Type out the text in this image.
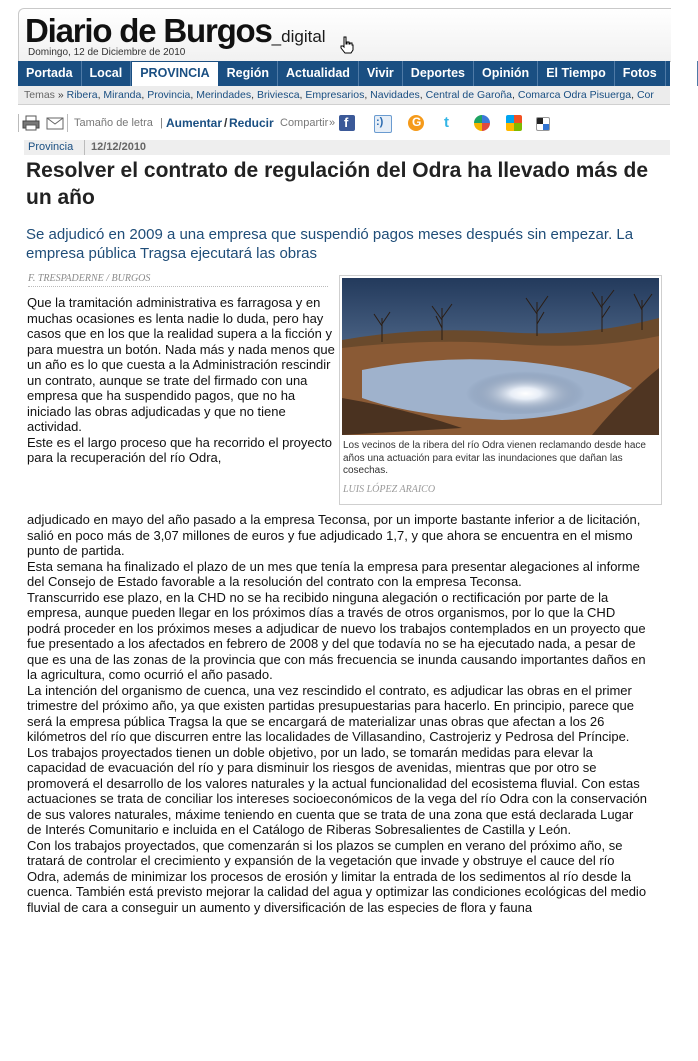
Diario de Burgos_digital
Domingo, 12 de Diciembre de 2010
Portada	Local	PROVINCIA	Región	Actualidad	Vivir	Deportes	Opinión	El Tiempo	Fotos	Es
Temas » Ribera, Miranda, Provincia, Merindades, Briviesca, Empresarios, Navidades, Central de Garoña, Comarca Odra Pisuerga, Cor
Tamaño de letra | Aumentar / Reducir Compartir » f	:) G t
Provincia	12/12/2010
Resolver el contrato de regulación del Odra ha llevado más de un año
Se adjudicó en 2009 a una empresa que suspendió pagos meses después sin empezar. La empresa pública Tragsa ejecutará las obras
F. TRESPADERNE / BURGOS
Los vecinos de la ribera del río Odra vienen reclamando desde hace años una actuación para evitar las inundaciones que dañan las cosechas.
LUIS LÓPEZ ARAICO

Que la tramitación administrativa es farragosa y en muchas ocasiones es lenta nadie lo duda, pero hay casos que en los que la realidad supera a la ficción y para muestra un botón. Nada más y nada menos que un año es lo que cuesta a la Administración rescindir un contrato, aunque se trate del firmado con una empresa que ha suspendido pagos, que no ha iniciado las obras adjudicadas y que no tiene actividad.

Este es el largo proceso que ha recorrido el proyecto para la recuperación del río Odra,

adjudicado en mayo del año pasado a la empresa Teconsa, por un importe bastante inferior a de licitación, salió en poco más de 3,07 millones de euros y fue adjudicado 1,7, y que ahora se encuentra en el mismo punto de partida.

Esta semana ha finalizado el plazo de un mes que tenía la empresa para presentar alegaciones al informe del Consejo de Estado favorable a la resolución del contrato con la empresa Teconsa.

Transcurrido ese plazo, en la CHD no se ha recibido ninguna alegación o rectificación por parte de la empresa, aunque pueden llegar en los próximos días a través de otros organismos, por lo que la CHD podrá proceder en los próximos meses a adjudicar de nuevo los trabajos contemplados en un proyecto que fue presentado a los afectados en febrero de 2008 y del que todavía no se ha ejecutado nada, a pesar de que es una de las zonas de la provincia que con más frecuencia se inunda causando importantes daños en la agricultura, como ocurrió el año pasado.

La intención del organismo de cuenca, una vez rescindido el contrato, es adjudicar las obras en el primer trimestre del próximo año, ya que existen partidas presupuestarias para hacerlo. En principio, parece que será la empresa pública Tragsa la que se encargará de materializar unas obras que afectan a los 26 kilómetros del río que discurren entre las localidades de Villasandino, Castrojeriz y Pedrosa del Príncipe.

Los trabajos proyectados tienen un doble objetivo, por un lado, se tomarán medidas para elevar la capacidad de evacuación del río y para disminuir los riesgos de avenidas, mientras que por otro se promoverá el desarrollo de los valores naturales y la actual funcionalidad del ecosistema fluvial. Con estas actuaciones se trata de conciliar los intereses socioeconómicos de la vega del río Odra con la conservación de sus valores naturales, máxime teniendo en cuenta que se trata de una zona que está declarada Lugar de Interés Comunitario e incluida en el Catálogo de Riberas Sobresalientes de Castilla y León.

Con los trabajos proyectados, que comenzarán si los plazos se cumplen en verano del próximo año, se tratará de controlar el crecimiento y expansión de la vegetación que invade y obstruye el cauce del río Odra, además de minimizar los procesos de erosión y limitar la entrada de los sedimentos al río desde la cuenca. También está previsto mejorar la calidad del agua y optimizar las condiciones ecológicas del medio fluvial de cara a conseguir un aumento y diversificación de las especies de flora y fauna
